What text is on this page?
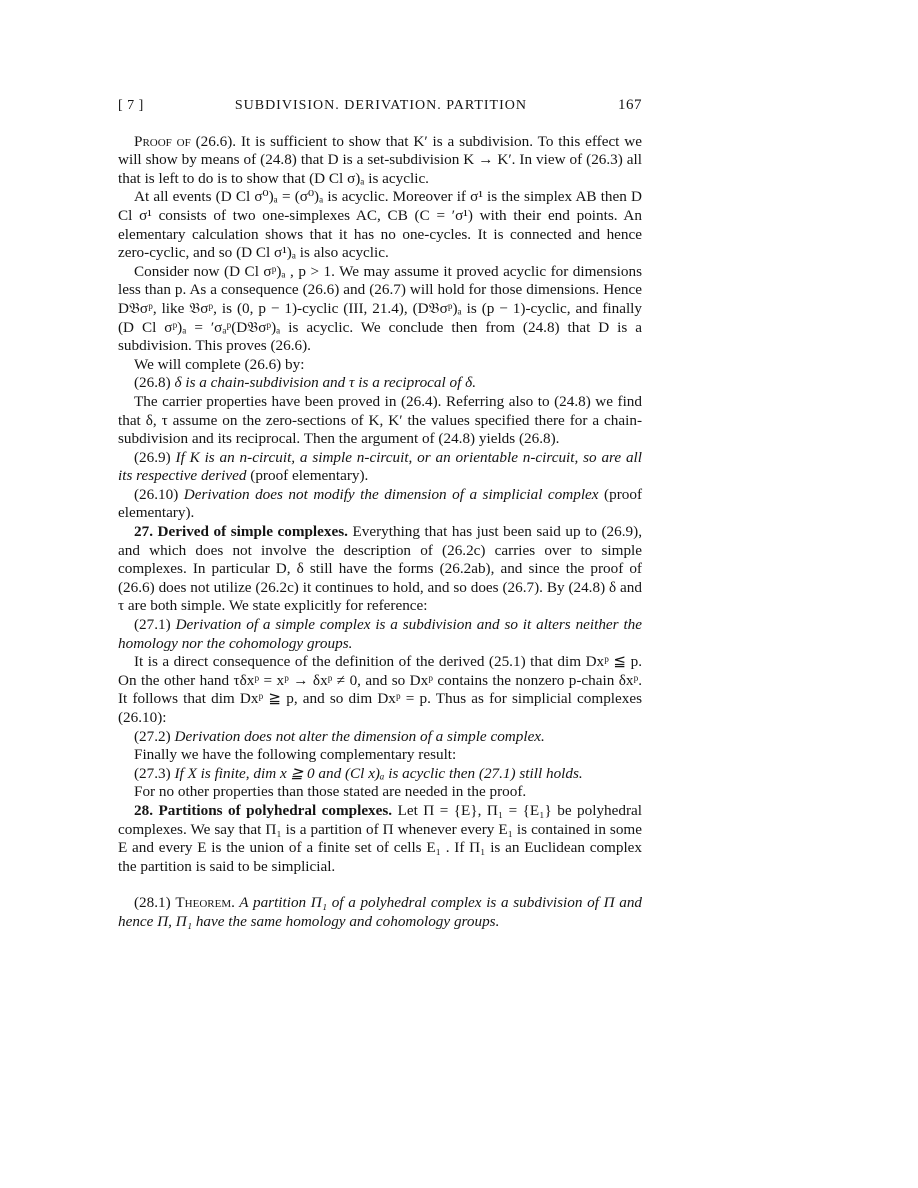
[ 7 ]	SUBDIVISION. DERIVATION. PARTITION	167

Proof of (26.6). It is sufficient to show that K′ is a subdivision. To this effect we will show by means of (24.8) that D is a set-subdivision K → K′. In view of (26.3) all that is left to do is to show that (D Cl σ)ₐ is acyclic.

At all events (D Cl σ⁰)ₐ = (σ⁰)ₐ is acyclic. Moreover if σ¹ is the simplex AB then D Cl σ¹ consists of two one-simplexes AC, CB (C = ′σ¹) with their end points. An elementary calculation shows that it has no one-cycles. It is connected and hence zero-cyclic, and so (D Cl σ¹)ₐ is also acyclic.

Consider now (D Cl σᵖ)ₐ , p > 1. We may assume it proved acyclic for dimensions less than p. As a consequence (26.6) and (26.7) will hold for those dimensions. Hence D𝔅σᵖ, like 𝔅σᵖ, is (0, p − 1)-cyclic (III, 21.4), (D𝔅σᵖ)ₐ is (p − 1)-cyclic, and finally (D Cl σᵖ)ₐ = ′σₐᵖ(D𝔅σᵖ)ₐ is acyclic. We conclude then from (24.8) that D is a subdivision. This proves (26.6).

We will complete (26.6) by:

(26.8) δ is a chain-subdivision and τ is a reciprocal of δ.

The carrier properties have been proved in (26.4). Referring also to (24.8) we find that δ, τ assume on the zero-sections of K, K′ the values specified there for a chain-subdivision and its reciprocal. Then the argument of (24.8) yields (26.8).

(26.9) If K is an n-circuit, a simple n-circuit, or an orientable n-circuit, so are all its respective derived (proof elementary).

(26.10) Derivation does not modify the dimension of a simplicial complex (proof elementary).

27. Derived of simple complexes. Everything that has just been said up to (26.9), and which does not involve the description of (26.2c) carries over to simple complexes. In particular D, δ still have the forms (26.2ab), and since the proof of (26.6) does not utilize (26.2c) it continues to hold, and so does (26.7). By (24.8) δ and τ are both simple. We state explicitly for reference:

(27.1) Derivation of a simple complex is a subdivision and so it alters neither the homology nor the cohomology groups.

It is a direct consequence of the definition of the derived (25.1) that dim Dxᵖ ≦ p. On the other hand τδxᵖ = xᵖ → δxᵖ ≠ 0, and so Dxᵖ contains the nonzero p-chain δxᵖ. It follows that dim Dxᵖ ≧ p, and so dim Dxᵖ = p. Thus as for simplicial complexes (26.10):

(27.2) Derivation does not alter the dimension of a simple complex.

Finally we have the following complementary result:

(27.3) If X is finite, dim x ≧ 0 and (Cl x)ₐ is acyclic then (27.1) still holds.

For no other properties than those stated are needed in the proof.

28. Partitions of polyhedral complexes. Let Π = {E}, Π₁ = {E₁} be polyhedral complexes. We say that Π₁ is a partition of Π whenever every E₁ is contained in some E and every E is the union of a finite set of cells E₁ . If Π₁ is an Euclidean complex the partition is said to be simplicial.

(28.1) Theorem. A partition Π₁ of a polyhedral complex is a subdivision of Π and hence Π, Π₁ have the same homology and cohomology groups.
